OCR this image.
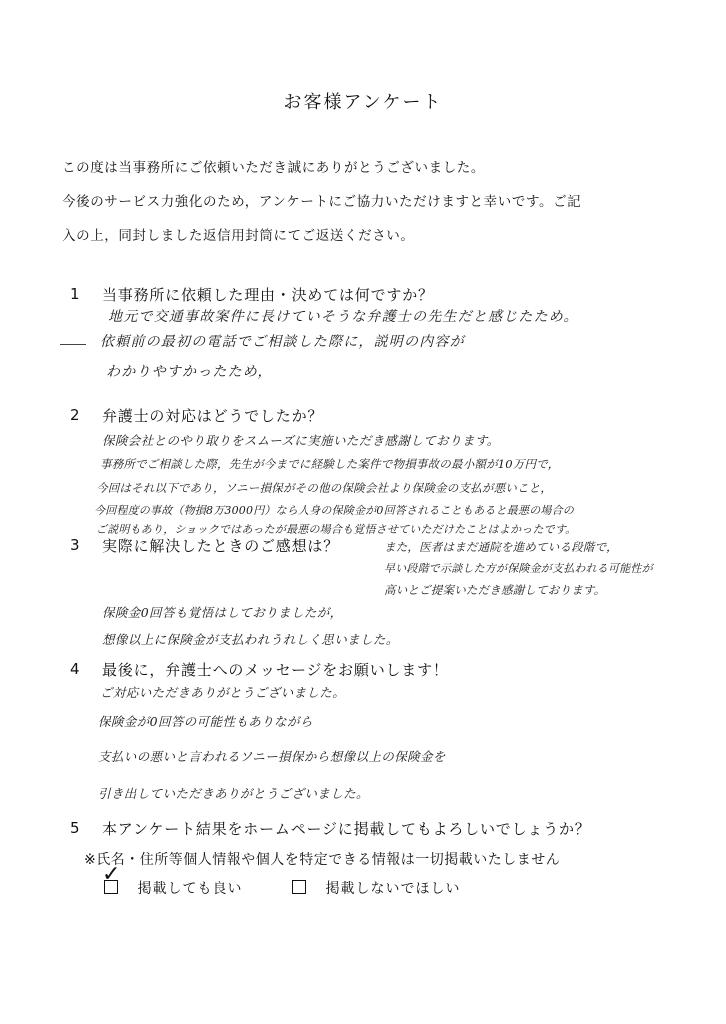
お客様アンケート
この度は当事務所にご依頼いただき誠にありがとうございました。
今後のサービス力強化のため，アンケートにご協力いただけますと幸いです。ご記
入の上，同封しました返信用封筒にてご返送ください。
1 当事務所に依頼した理由・決めては何ですか？
地元で交通事故案件に長けていそうな弁護士の先生だと感じたため。
依頼前の最初の電話でご相談した際に，説明の内容が
わかりやすかったため，
2 弁護士の対応はどうでしたか？
保険会社とのやり取りをスムーズに実施いただき感謝しております。
事務所でご相談した際，先生が今までに経験した案件で物損事故の最小額が10万円で，
今回はそれ以下であり，ソニー損保がその他の保険会社より保険金の支払が悪いこと，
今回程度の事故（物損8万3000円）なら人身の保険金が0回答されることもあると最悪の場合の
ご説明もあり，ショックではあったが最悪の場合も覚悟させていただけたことはよかったです。
3 実際に解決したときのご感想は？	また，医者はまだ通院を進めている段階で，
早い段階で示談した方が保険金が支払われる可能性が
高いとご提案いただき感謝しております。
保険金0回答も覚悟はしておりましたが，
想像以上に保険金が支払われうれしく思いました。
4 最後に，弁護士へのメッセージをお願いします！
ご対応いただきありがとうございました。
保険金が0回答の可能性もありながら
支払いの悪いと言われるソニー損保から想像以上の保険金を
引き出していただきありがとうございました。
5 本アンケート結果をホームページに掲載してもよろしいでしょうか？
※氏名・住所等個人情報や個人を特定できる情報は一切掲載いたしません

✓
掲載しても良い	掲載しないでほしい
